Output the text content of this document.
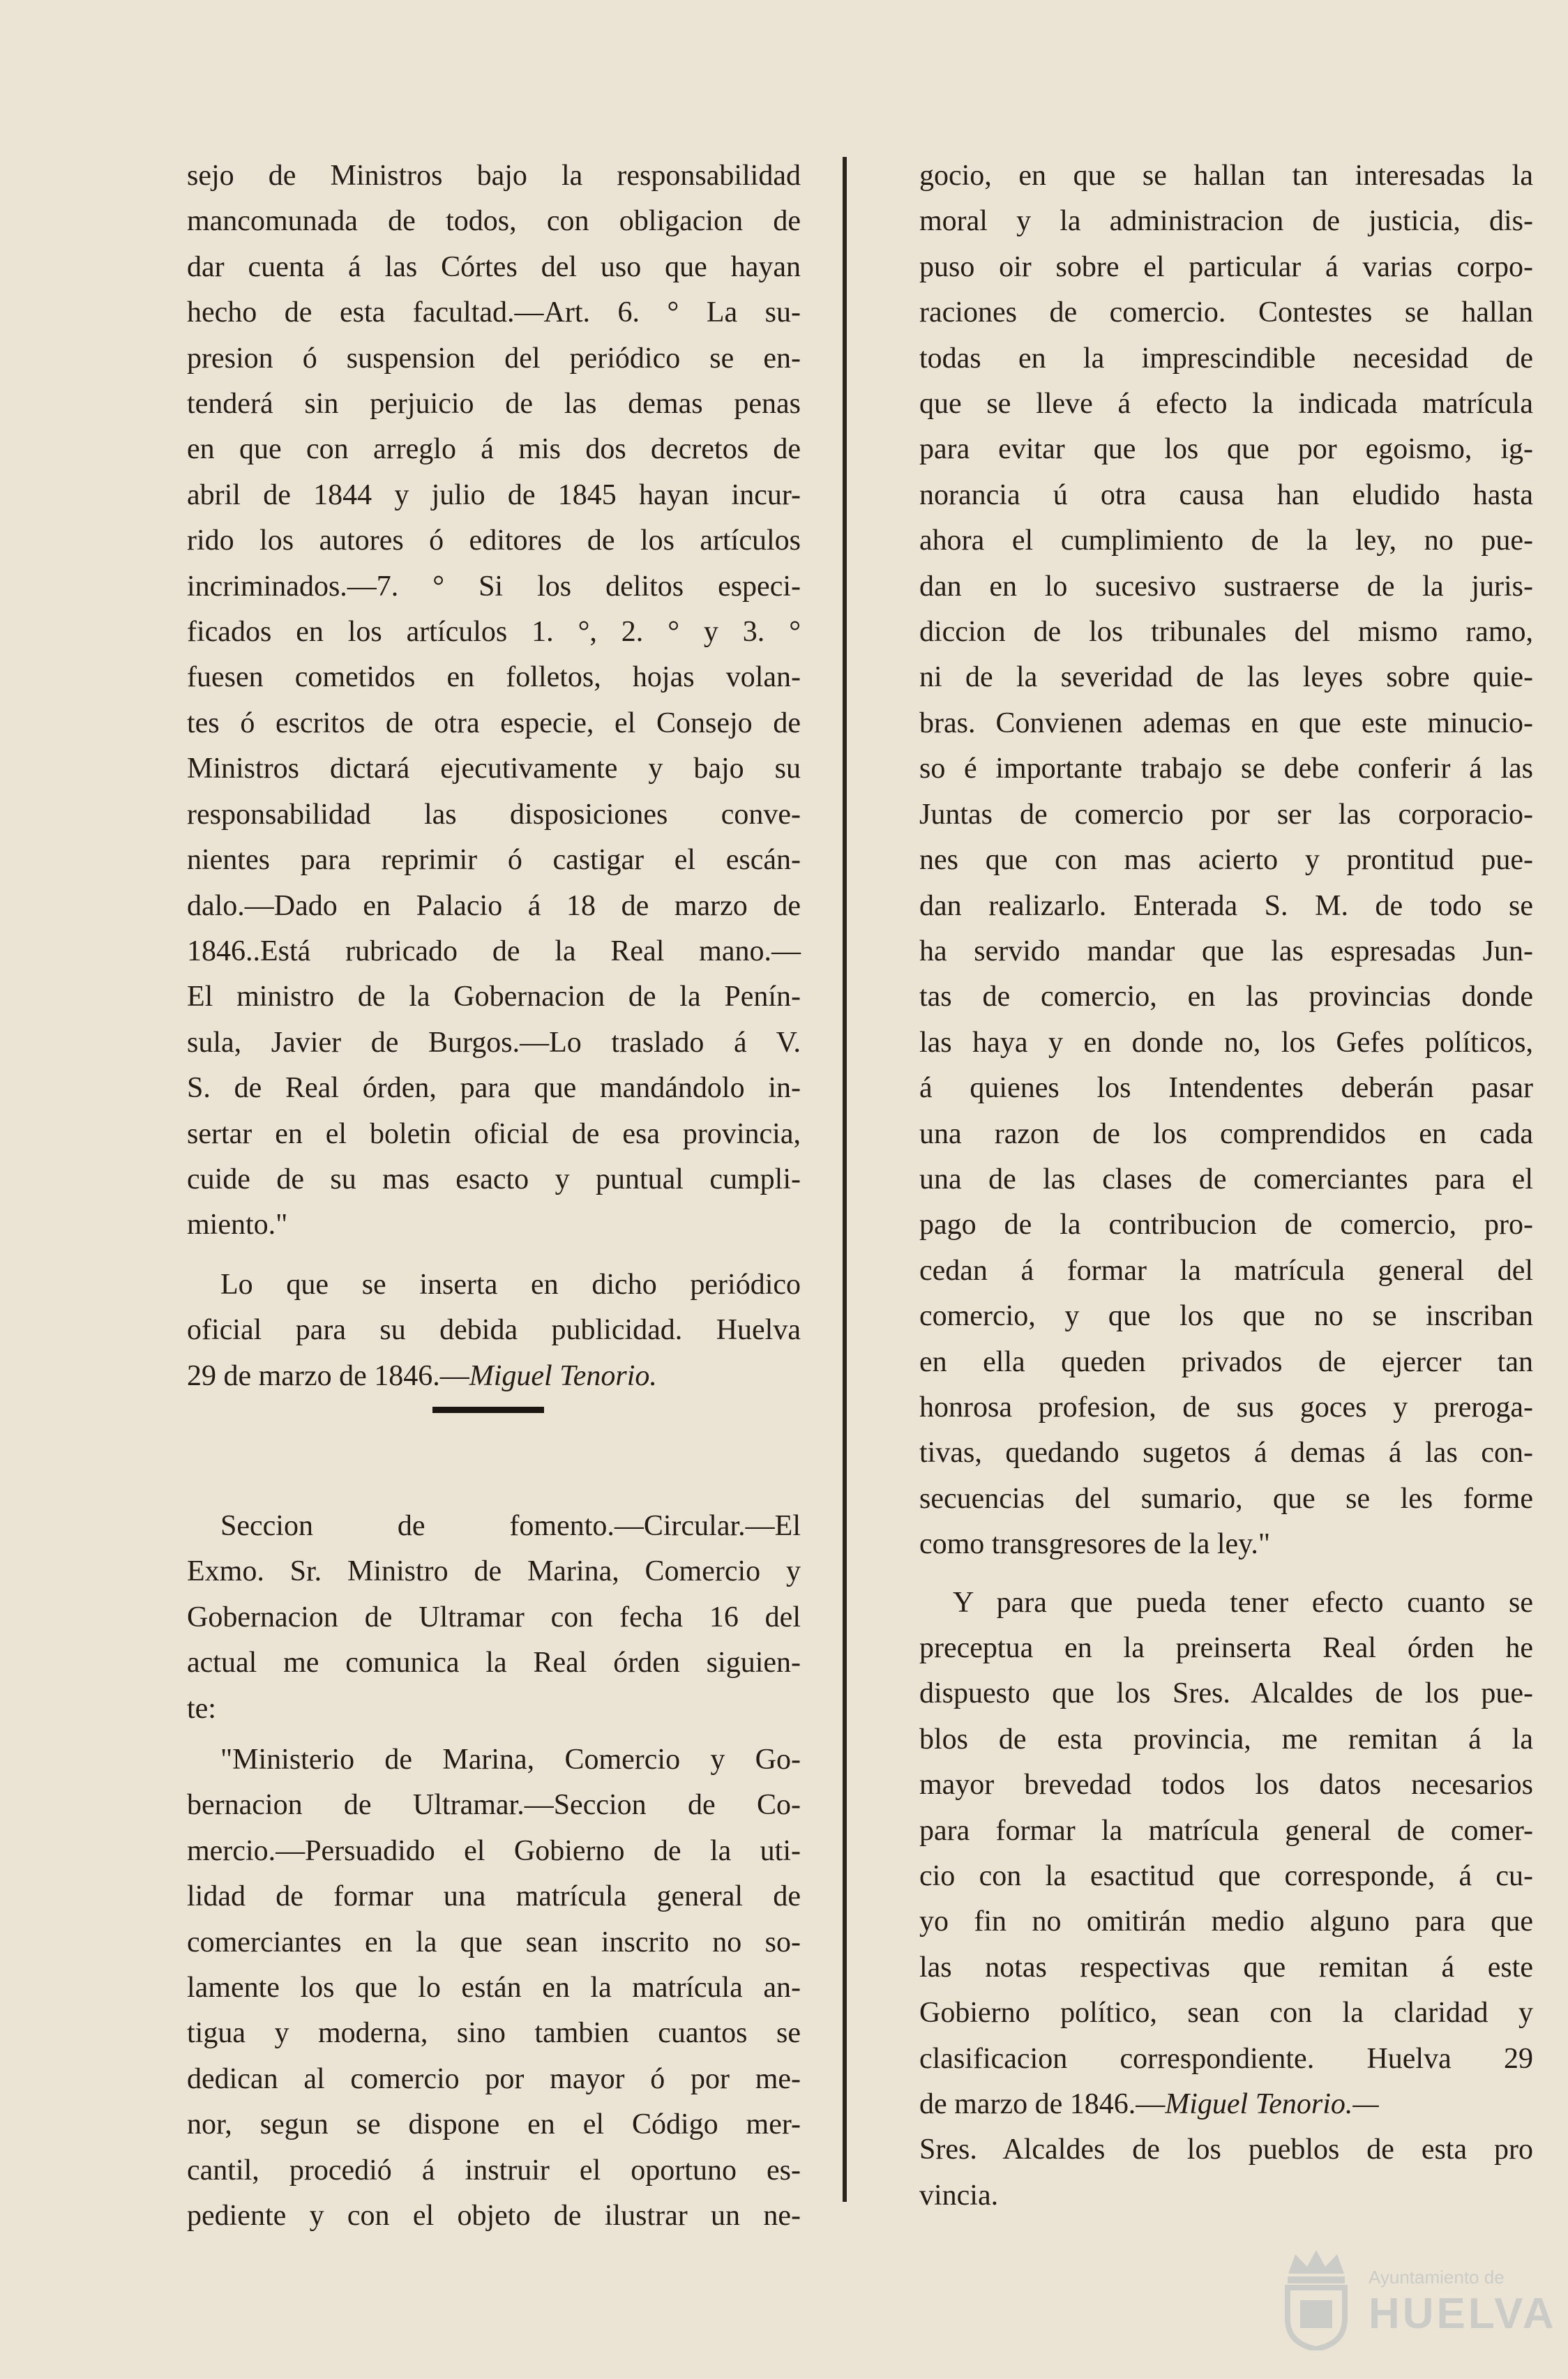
sejo de Ministros bajo la responsabilidad
mancomunada de todos, con obligacion de
dar cuenta á las Córtes del uso que hayan
hecho de esta facultad.—Art. 6. ° La su-
presion ó suspension del periódico se en-
tenderá sin perjuicio de las demas penas
en que con arreglo á mis dos decretos de
abril de 1844 y julio de 1845 hayan incur-
rido los autores ó editores de los artículos
incriminados.—7. ° Si los delitos especi-
ficados en los artículos 1. °, 2. ° y 3. °
fuesen cometidos en folletos, hojas volan-
tes ó escritos de otra especie, el Consejo de
Ministros dictará ejecutivamente y bajo su
responsabilidad las disposiciones conve-
nientes para reprimir ó castigar el escán-
dalo.—Dado en Palacio á 18 de marzo de
1846..Está rubricado de la Real mano.—
El ministro de la Gobernacion de la Penín-
sula, Javier de Burgos.—Lo traslado á V.
S. de Real órden, para que mandándolo in-
sertar en el boletin oficial de esa provincia,
cuide de su mas esacto y puntual cumpli-
miento."

Lo que se inserta en dicho periódico
oficial para su debida publicidad. Huelva
29 de marzo de 1846.—Miguel Tenorio.

Seccion de fomento.—Circular.—El
Exmo. Sr. Ministro de Marina, Comercio y
Gobernacion de Ultramar con fecha 16 del
actual me comunica la Real órden siguien-
te:

"Ministerio de Marina, Comercio y Go-
bernacion de Ultramar.—Seccion de Co-
mercio.—Persuadido el Gobierno de la uti-
lidad de formar una matrícula general de
comerciantes en la que sean inscrito no so-
lamente los que lo están en la matrícula an-
tigua y moderna, sino tambien cuantos se
dedican al comercio por mayor ó por me-
nor, segun se dispone en el Código mer-
cantil, procedió á instruir el oportuno es-
pediente y con el objeto de ilustrar un ne-

gocio, en que se hallan tan interesadas la
moral y la administracion de justicia, dis-
puso oir sobre el particular á varias corpo-
raciones de comercio. Contestes se hallan
todas en la imprescindible necesidad de
que se lleve á efecto la indicada matrícula
para evitar que los que por egoismo, ig-
norancia ú otra causa han eludido hasta
ahora el cumplimiento de la ley, no pue-
dan en lo sucesivo sustraerse de la juris-
diccion de los tribunales del mismo ramo,
ni de la severidad de las leyes sobre quie-
bras. Convienen ademas en que este minucio-
so é importante trabajo se debe conferir á las
Juntas de comercio por ser las corporacio-
nes que con mas acierto y prontitud pue-
dan realizarlo. Enterada S. M. de todo se
ha servido mandar que las espresadas Jun-
tas de comercio, en las provincias donde
las haya y en donde no, los Gefes políticos,
á quienes los Intendentes deberán pasar
una razon de los comprendidos en cada
una de las clases de comerciantes para el
pago de la contribucion de comercio, pro-
cedan á formar la matrícula general del
comercio, y que los que no se inscriban
en ella queden privados de ejercer tan
honrosa profesion, de sus goces y preroga-
tivas, quedando sugetos á demas á las con-
secuencias del sumario, que se les forme
como transgresores de la ley."

Y para que pueda tener efecto cuanto se
preceptua en la preinserta Real órden he
dispuesto que los Sres. Alcaldes de los pue-
blos de esta provincia, me remitan á la
mayor brevedad todos los datos necesarios
para formar la matrícula general de comer-
cio con la esactitud que corresponde, á cu-
yo fin no omitirán medio alguno para que
las notas respectivas que remitan á este
Gobierno político, sean con la claridad y
clasificacion correspondiente. Huelva 29
de marzo de 1846.—Miguel Tenorio.—
Sres. Alcaldes de los pueblos de esta pro
vincia.

Ayuntamiento de
HUELVA
